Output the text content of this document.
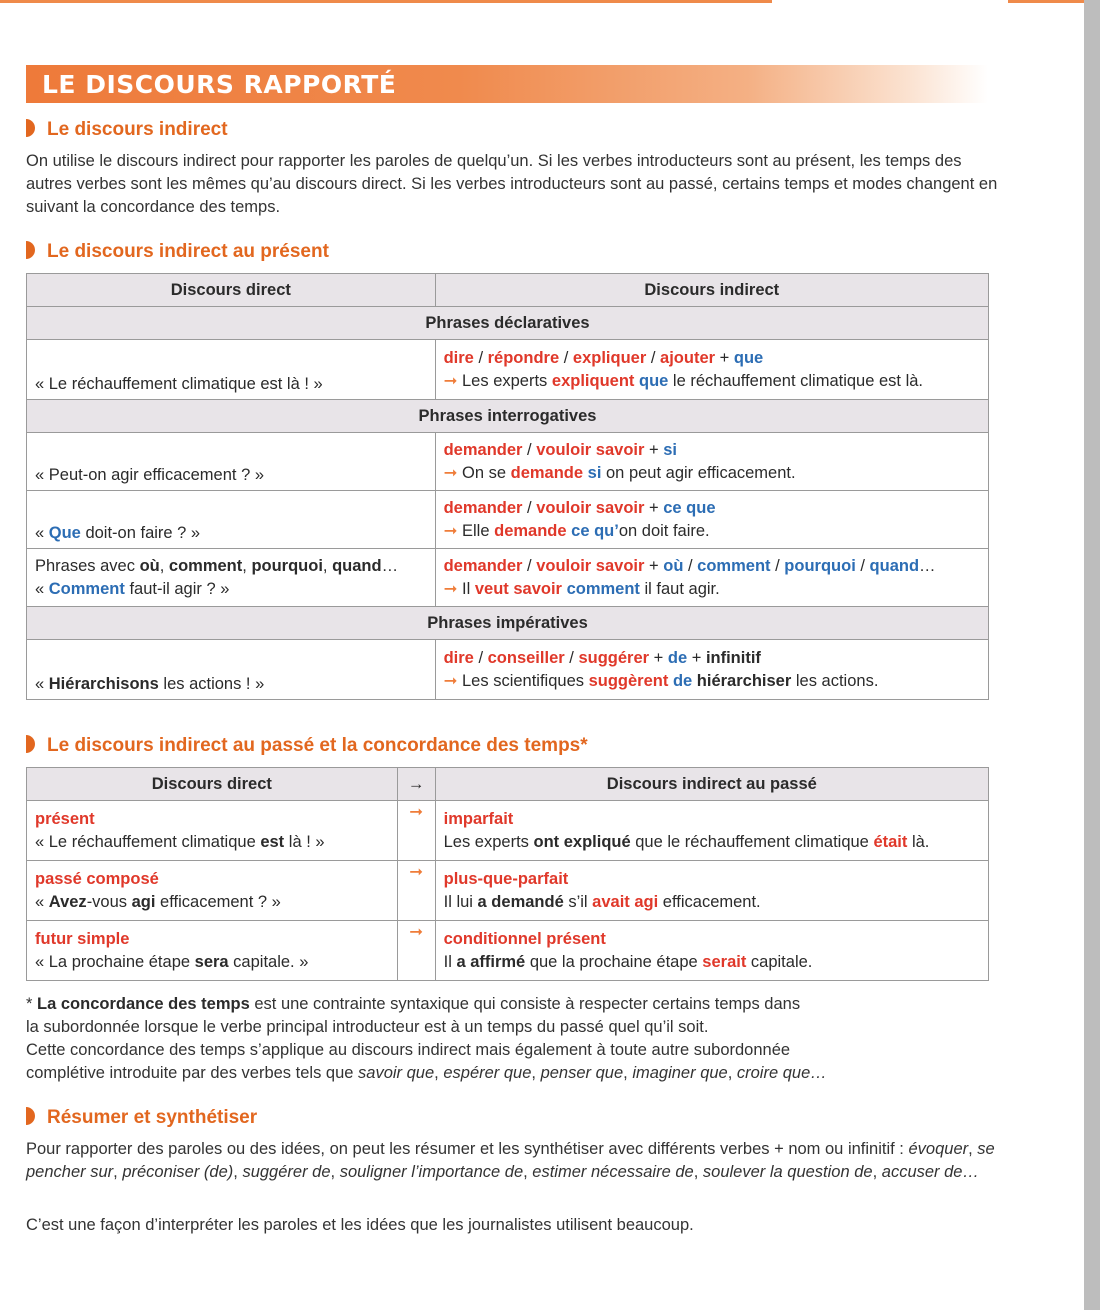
LE DISCOURS RAPPORTÉ
Le discours indirect
On utilise le discours indirect pour rapporter les paroles de quelqu’un. Si les verbes introducteurs sont au présent, les temps des autres verbes sont les mêmes qu’au discours direct. Si les verbes introducteurs sont au passé, certains temps et modes changent en suivant la concordance des temps.
Le discours indirect au présent
Discours direct	Discours indirect
Phrases déclaratives	
« Le réchauffement climatique est là ! »	dire / répondre / expliquer / ajouter + que
➞ Les experts expliquent que le réchauffement climatique est là.
Phrases interrogatives	
« Peut-on agir efficacement ? »	demander / vouloir savoir + si
➞ On se demande si on peut agir efficacement.
« Que doit-on faire ? »	demander / vouloir savoir + ce que
➞ Elle demande ce qu’on doit faire.
Phrases avec où, comment, pourquoi, quand…
« Comment faut-il agir ? »	demander / vouloir savoir + où / comment / pourquoi / quand…
➞ Il veut savoir comment il faut agir.
Phrases impératives	
« Hiérarchisons les actions ! »	dire / conseiller / suggérer + de + infinitif
➞ Les scientifiques suggèrent de hiérarchiser les actions.
Le discours indirect au passé et la concordance des temps*
Discours direct	→	Discours indirect au passé
présent
« Le réchauffement climatique est là ! »	➞	imparfait
Les experts ont expliqué que le réchauffement climatique était là.
passé composé
« Avez-vous agi efficacement ? »	➞	plus-que-parfait
Il lui a demandé s’il avait agi efficacement.
futur simple
« La prochaine étape sera capitale. »	➞	conditionnel présent
Il a affirmé que la prochaine étape serait capitale.
* La concordance des temps est une contrainte syntaxique qui consiste à respecter certains temps dans
la subordonnée lorsque le verbe principal introducteur est à un temps du passé quel qu’il soit.
Cette concordance des temps s’applique au discours indirect mais également à toute autre subordonnée
complétive introduite par des verbes tels que savoir que, espérer que, penser que, imaginer que, croire que…
Résumer et synthétiser
Pour rapporter des paroles ou des idées, on peut les résumer et les synthétiser avec différents verbes + nom ou infinitif : évoquer, se pencher sur, préconiser (de), suggérer de, souligner l’importance de, estimer nécessaire de, soulever la question de, accuser de…
C’est une façon d’interpréter les paroles et les idées que les journalistes utilisent beaucoup.
